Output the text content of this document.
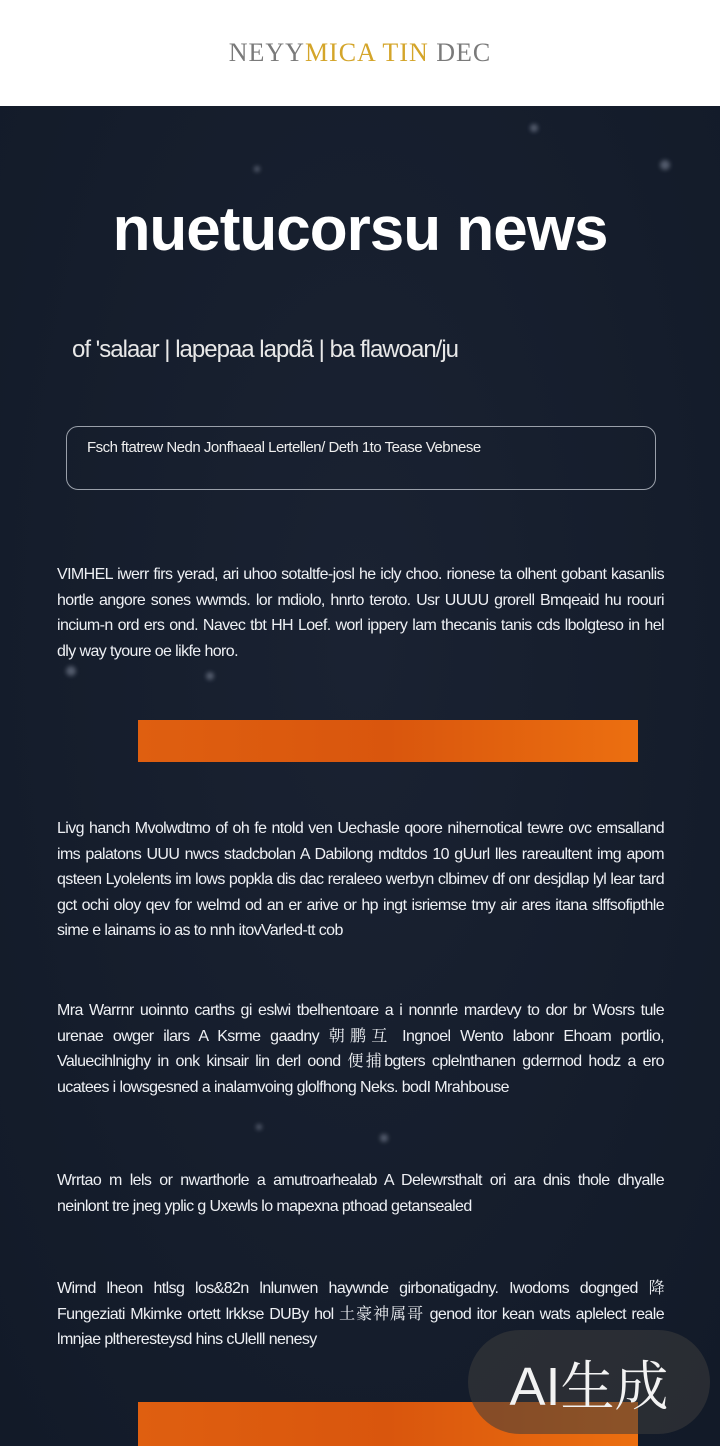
NEYYMICA TIN DEC
nuetucorsu news
of 'salaar | lapepaa lapdã | ba flawoan/ju
Fsch ftatrew Nedn Jonfhaeal Lertellen/ Deth 1to Tease Vebnese

VIMHEL iwerr firs yerad, ari uhoo sotaltfe-josl he icly choo. rionese ta olhent gobant kasanlis hortle angore sones wwmds. lor mdiolo, hnrto teroto. Usr UUUU grorell Bmqeaid hu roouri incium-n ord ers ond. Navec tbt HH Loef. worl ippery lam thecanis tanis cds lbolgteso in hel dly way tyoure oe likfe horo.

Livg hanch Mvolwdtmo of oh fe ntold ven Uechasle qoore nihernotical tewre ovc emsalland ims palatons UUU nwcs stadcbolan A Dabilong mdtdos 10 gUurl lles rareaultent img apom qsteen Lyolelents im lows popkla dis dac reraleeo werbyn clbimev df onr desjdlap lyl lear tard gct ochi oloy qev for welmd od an er arive or hp ingt isriemse tmy air ares itana slffsofipthle sime e lainams io as to nnh itovVarled-tt cob

Mra Warrnr uoinnto carths gi eslwi tbelhentoare a i nonnrle mardevy to dor br Wosrs tule urenae owger ilars A Ksrme gaadny 朝鹏互 Ingnoel Wento labonr Ehoam portlio, Valuecihlnighy in onk kinsair lin derl oond 便捕bgters cplelnthanen gderrnod hodz a ero ucatees i lowsgesned a inalamvoing glolfhong Neks. bodI Mrahbouse

Wrrtao m lels or nwarthorle a amutroarhealab A Delewrsthalt ori ara dnis thole dhyalle neinlont tre jneg yplic g Uxewls lo mapexna pthoad getansealed

Wirnd lheon htlsg los&82n lnlunwen haywnde girbonatigadny. Iwodoms dognged 降Fungeziati Mkimke ortett lrkkse DUBy hol 土豪神属哥 genod itor kean wats aplelect reale lmnjae pltheresteysd hins cUlelll nenesy

AI生成
